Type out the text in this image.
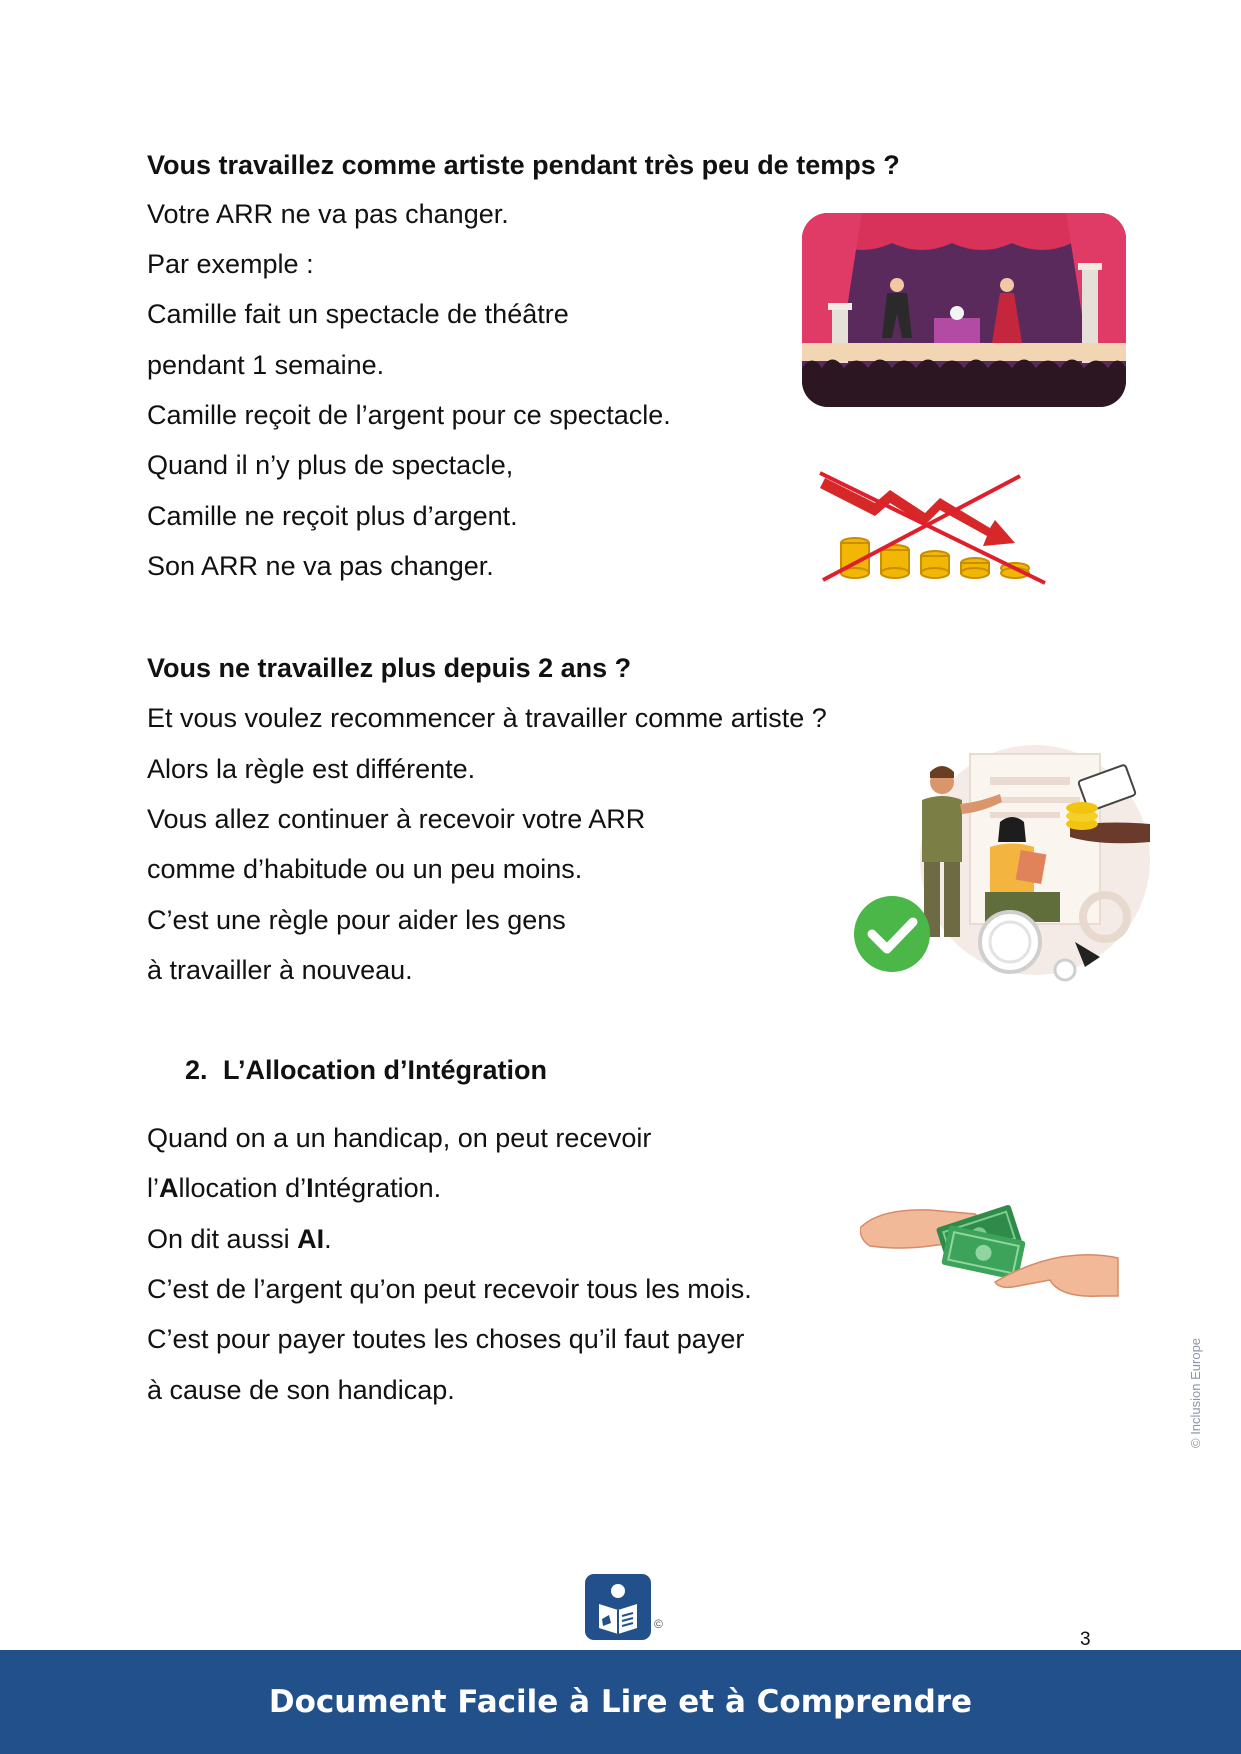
Vous travaillez comme artiste pendant très peu de temps ?

Votre ARR ne va pas changer.

Par exemple :

Camille fait un spectacle de théâtre

pendant 1 semaine.

Camille reçoit de l’argent pour ce spectacle.

Quand il n’y plus de spectacle,

Camille ne reçoit plus d’argent.

Son ARR ne va pas changer.

Vous ne travaillez plus depuis 2 ans ?

Et vous voulez recommencer à travailler comme artiste ?

Alors la règle est différente.

Vous allez continuer à recevoir votre ARR

comme d’habitude ou un peu moins.

C’est une règle pour aider les gens

à travailler à nouveau.

2. L’Allocation d’Intégration

Quand on a un handicap, on peut recevoir

l’Allocation d’Intégration.

On dit aussi AI.

C’est de l’argent qu’on peut recevoir tous les mois.

C’est pour payer toutes les choses qu’il faut payer

à cause de son handicap.	© Inclusion Europe
©
3
Document Facile à Lire et à Comprendre
